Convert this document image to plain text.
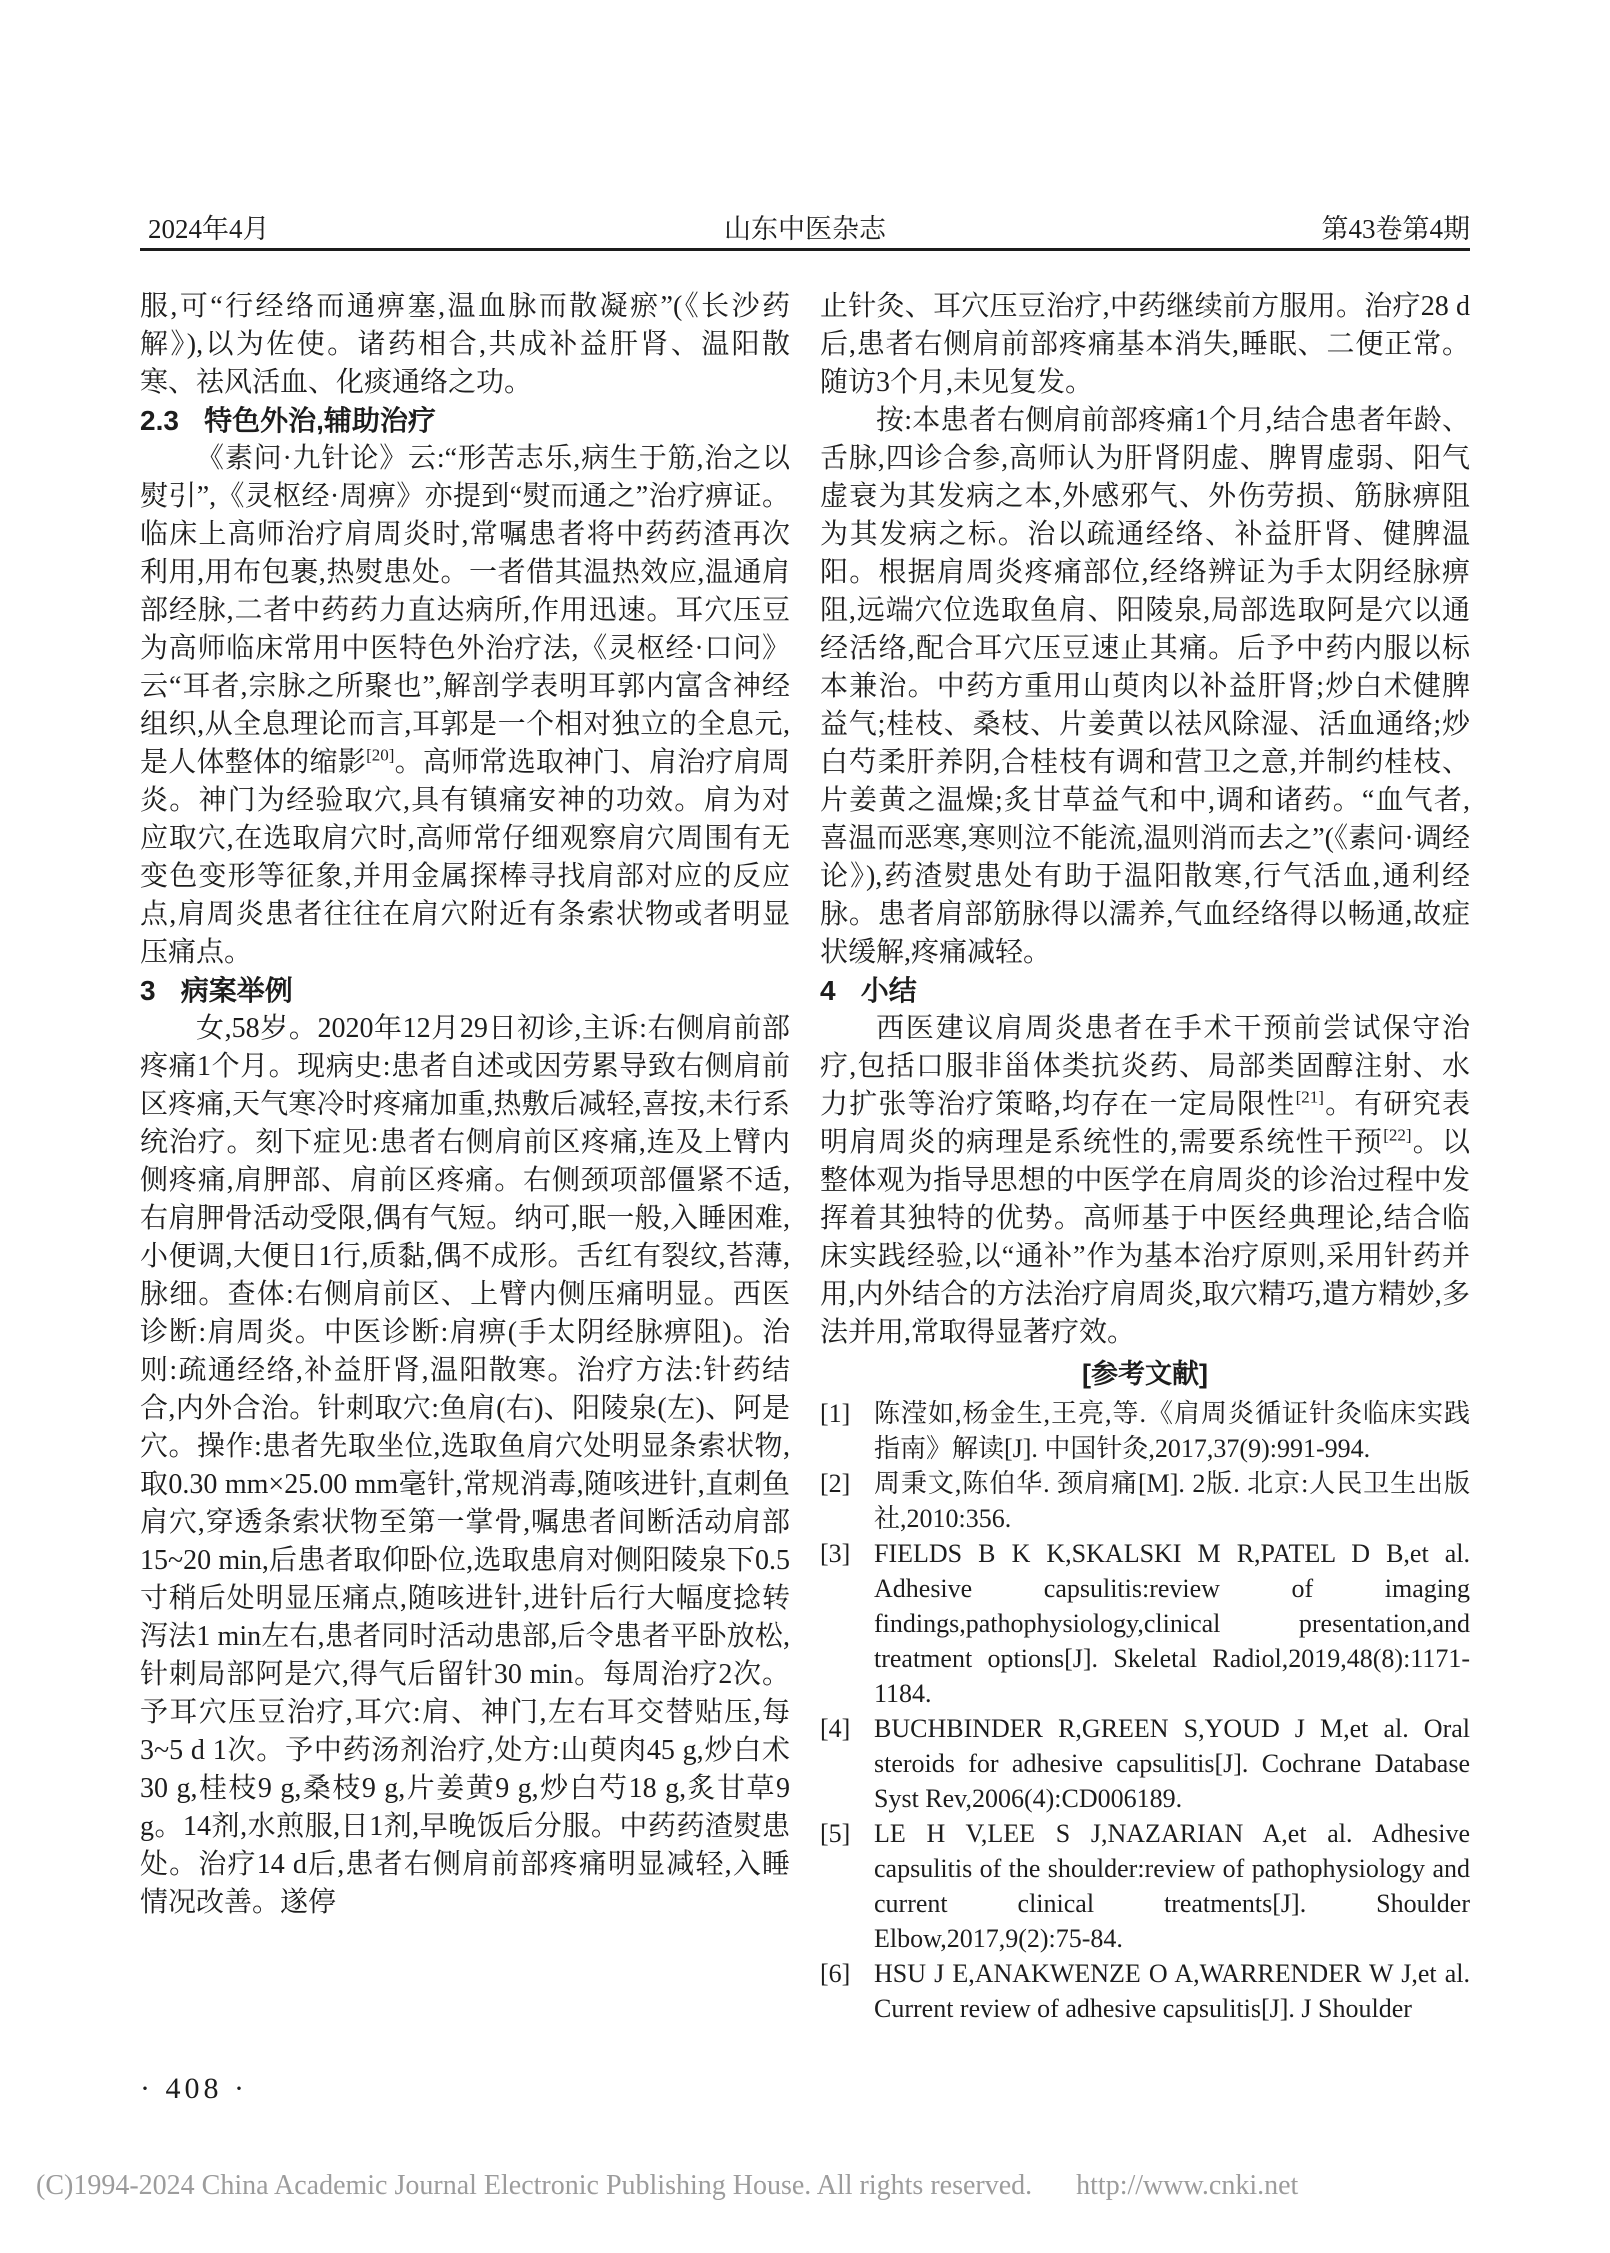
2024年4月	山东中医杂志	第43卷第4期

服,可“行经络而通痹塞,温血脉而散凝瘀”(《长沙药解》),以为佐使。诸药相合,共成补益肝肾、温阳散寒、祛风活血、化痰通络之功。

2.3 特色外治,辅助治疗

《素问·九针论》云:“形苦志乐,病生于筋,治之以熨引”,《灵枢经·周痹》亦提到“熨而通之”治疗痹证。临床上高师治疗肩周炎时,常嘱患者将中药药渣再次利用,用布包裹,热熨患处。一者借其温热效应,温通肩部经脉,二者中药药力直达病所,作用迅速。耳穴压豆为高师临床常用中医特色外治疗法,《灵枢经·口问》云“耳者,宗脉之所聚也”,解剖学表明耳郭内富含神经组织,从全息理论而言,耳郭是一个相对独立的全息元,是人体整体的缩影[20]。高师常选取神门、肩治疗肩周炎。神门为经验取穴,具有镇痛安神的功效。肩为对应取穴,在选取肩穴时,高师常仔细观察肩穴周围有无变色变形等征象,并用金属探棒寻找肩部对应的反应点,肩周炎患者往往在肩穴附近有条索状物或者明显压痛点。

3 病案举例

女,58岁。2020年12月29日初诊,主诉:右侧肩前部疼痛1个月。现病史:患者自述或因劳累导致右侧肩前区疼痛,天气寒冷时疼痛加重,热敷后减轻,喜按,未行系统治疗。刻下症见:患者右侧肩前区疼痛,连及上臂内侧疼痛,肩胛部、肩前区疼痛。右侧颈项部僵紧不适,右肩胛骨活动受限,偶有气短。纳可,眠一般,入睡困难,小便调,大便日1行,质黏,偶不成形。舌红有裂纹,苔薄,脉细。查体:右侧肩前区、上臂内侧压痛明显。西医诊断:肩周炎。中医诊断:肩痹(手太阴经脉痹阻)。治则:疏通经络,补益肝肾,温阳散寒。治疗方法:针药结合,内外合治。针刺取穴:鱼肩(右)、阳陵泉(左)、阿是穴。操作:患者先取坐位,选取鱼肩穴处明显条索状物,取0.30 mm×25.00 mm毫针,常规消毒,随咳进针,直刺鱼肩穴,穿透条索状物至第一掌骨,嘱患者间断活动肩部15~20 min,后患者取仰卧位,选取患肩对侧阳陵泉下0.5寸稍后处明显压痛点,随咳进针,进针后行大幅度捻转泻法1 min左右,患者同时活动患部,后令患者平卧放松,针刺局部阿是穴,得气后留针30 min。每周治疗2次。予耳穴压豆治疗,耳穴:肩、神门,左右耳交替贴压,每3~5 d 1次。予中药汤剂治疗,处方:山萸肉45 g,炒白术30 g,桂枝9 g,桑枝9 g,片姜黄9 g,炒白芍18 g,炙甘草9 g。14剂,水煎服,日1剂,早晚饭后分服。中药药渣熨患处。治疗14 d后,患者右侧肩前部疼痛明显减轻,入睡情况改善。遂停

止针灸、耳穴压豆治疗,中药继续前方服用。治疗28 d后,患者右侧肩前部疼痛基本消失,睡眠、二便正常。随访3个月,未见复发。

按:本患者右侧肩前部疼痛1个月,结合患者年龄、舌脉,四诊合参,高师认为肝肾阴虚、脾胃虚弱、阳气虚衰为其发病之本,外感邪气、外伤劳损、筋脉痹阻为其发病之标。治以疏通经络、补益肝肾、健脾温阳。根据肩周炎疼痛部位,经络辨证为手太阴经脉痹阻,远端穴位选取鱼肩、阳陵泉,局部选取阿是穴以通经活络,配合耳穴压豆速止其痛。后予中药内服以标本兼治。中药方重用山萸肉以补益肝肾;炒白术健脾益气;桂枝、桑枝、片姜黄以祛风除湿、活血通络;炒白芍柔肝养阴,合桂枝有调和营卫之意,并制约桂枝、片姜黄之温燥;炙甘草益气和中,调和诸药。“血气者,喜温而恶寒,寒则泣不能流,温则消而去之”(《素问·调经论》),药渣熨患处有助于温阳散寒,行气活血,通利经脉。患者肩部筋脉得以濡养,气血经络得以畅通,故症状缓解,疼痛减轻。

4 小结

西医建议肩周炎患者在手术干预前尝试保守治疗,包括口服非甾体类抗炎药、局部类固醇注射、水力扩张等治疗策略,均存在一定局限性[21]。有研究表明肩周炎的病理是系统性的,需要系统性干预[22]。以整体观为指导思想的中医学在肩周炎的诊治过程中发挥着其独特的优势。高师基于中医经典理论,结合临床实践经验,以“通补”作为基本治疗原则,采用针药并用,内外结合的方法治疗肩周炎,取穴精巧,遣方精妙,多法并用,常取得显著疗效。

[参考文献]
[1] 陈滢如,杨金生,王亮,等.《肩周炎循证针灸临床实践指南》解读[J]. 中国针灸,2017,37(9):991-994.
[2] 周秉文,陈伯华. 颈肩痛[M]. 2版. 北京:人民卫生出版社,2010:356.
[3] FIELDS B K K,SKALSKI M R,PATEL D B,et al. Adhesive capsulitis:review of imaging findings,pathophysiology,clinical presentation,and treatment options[J]. Skeletal Radiol,2019,48(8):1171-1184.
[4] BUCHBINDER R,GREEN S,YOUD J M,et al. Oral steroids for adhesive capsulitis[J]. Cochrane Database Syst Rev,2006(4):CD006189.
[5] LE H V,LEE S J,NAZARIAN A,et al. Adhesive capsulitis of the shoulder:review of pathophysiology and current clinical treatments[J]. Shoulder Elbow,2017,9(2):75-84.
[6] HSU J E,ANAKWENZE O A,WARRENDER W J,et al. Current review of adhesive capsulitis[J]. J Shoulder
· 408 ·
(C)1994-2024 China Academic Journal Electronic Publishing House. All rights reserved. http://www.cnki.net
